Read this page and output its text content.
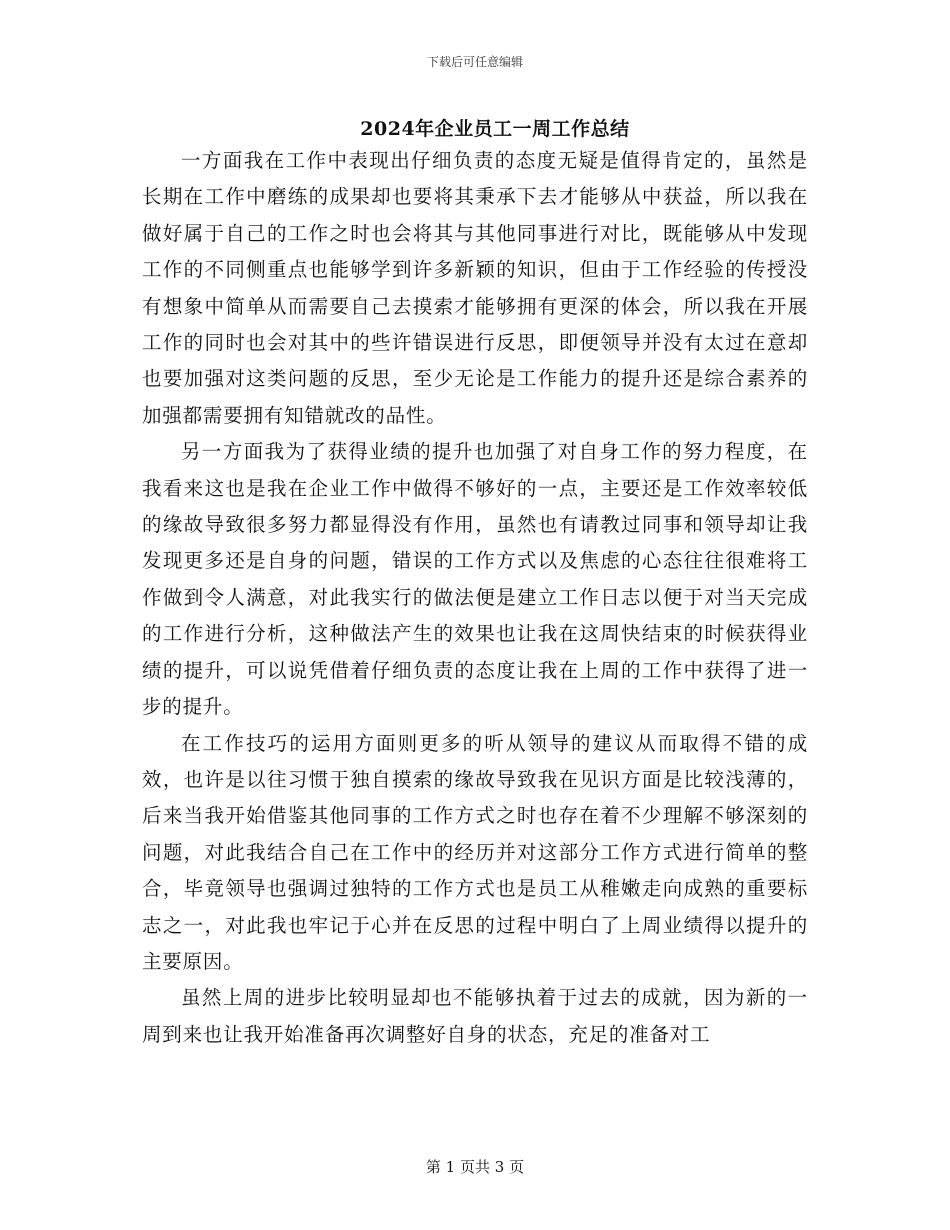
下载后可任意编辑
2024年企业员工一周工作总结

一方面我在工作中表现出仔细负责的态度无疑是值得肯定的，虽然是长期在工作中磨练的成果却也要将其秉承下去才能够从中获益，所以我在做好属于自己的工作之时也会将其与其他同事进行对比，既能够从中发现工作的不同侧重点也能够学到许多新颖的知识，但由于工作经验的传授没有想象中简单从而需要自己去摸索才能够拥有更深的体会，所以我在开展工作的同时也会对其中的些许错误进行反思，即便领导并没有太过在意却也要加强对这类问题的反思，至少无论是工作能力的提升还是综合素养的加强都需要拥有知错就改的品性。

另一方面我为了获得业绩的提升也加强了对自身工作的努力程度，在我看来这也是我在企业工作中做得不够好的一点，主要还是工作效率较低的缘故导致很多努力都显得没有作用，虽然也有请教过同事和领导却让我发现更多还是自身的问题，错误的工作方式以及焦虑的心态往往很难将工作做到令人满意，对此我实行的做法便是建立工作日志以便于对当天完成的工作进行分析，这种做法产生的效果也让我在这周快结束的时候获得业绩的提升，可以说凭借着仔细负责的态度让我在上周的工作中获得了进一步的提升。

在工作技巧的运用方面则更多的听从领导的建议从而取得不错的成效，也许是以往习惯于独自摸索的缘故导致我在见识方面是比较浅薄的，后来当我开始借鉴其他同事的工作方式之时也存在着不少理解不够深刻的问题，对此我结合自己在工作中的经历并对这部分工作方式进行简单的整合，毕竟领导也强调过独特的工作方式也是员工从稚嫩走向成熟的重要标志之一，对此我也牢记于心并在反思的过程中明白了上周业绩得以提升的主要原因。

虽然上周的进步比较明显却也不能够执着于过去的成就，因为新的一周到来也让我开始准备再次调整好自身的状态，充足的准备对工

第 1 页共 3 页
